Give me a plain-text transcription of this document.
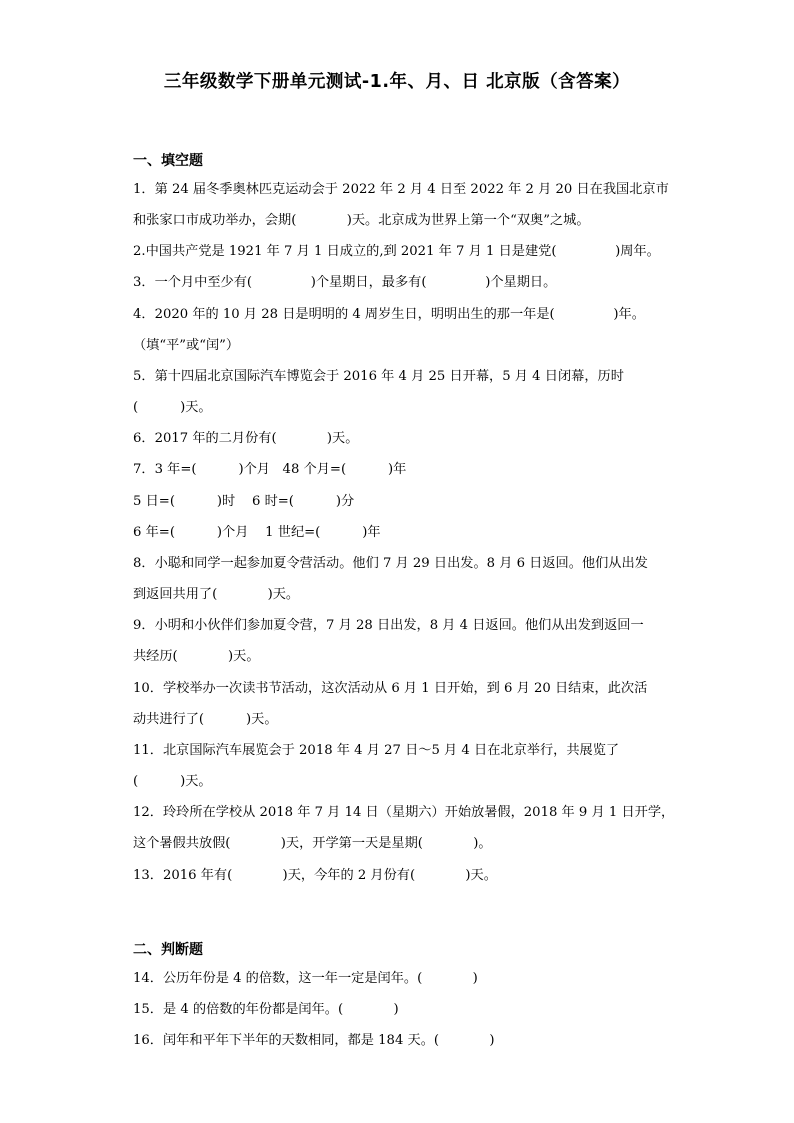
三年级数学下册单元测试-1.年、月、日 北京版（含答案）
一、填空题
1．第 24 届冬季奥林匹克运动会于 2022 年 2 月 4 日至 2022 年 2 月 20 日在我国北京市
和张家口市成功举办，会期(            )天。北京成为世界上第一个“双奥”之城。
2.中国共产党是 1921 年 7 月 1 日成立的,到 2021 年 7 月 1 日是建党(              )周年。
3．一个月中至少有(              )个星期日，最多有(              )个星期日。
4．2020 年的 10 月 28 日是明明的 4 周岁生日，明明出生的那一年是(              )年。
（填“平”或“闰”）
5．第十四届北京国际汽车博览会于 2016 年 4 月 25 日开幕，5 月 4 日闭幕，历时
(          )天。
6．2017 年的二月份有(            )天。
7．3 年=(          )个月   48 个月=(          )年
5 日=(          )时    6 时=(          )分
6 年=(          )个月    1 世纪=(          )年
8．小聪和同学一起参加夏令营活动。他们 7 月 29 日出发。8 月 6 日返回。他们从出发
到返回共用了(            )天。
9．小明和小伙伴们参加夏令营，7 月 28 日出发，8 月 4 日返回。他们从出发到返回一
共经历(            )天。
10．学校举办一次读书节活动，这次活动从 6 月 1 日开始，到 6 月 20 日结束，此次活
动共进行了(          )天。
11．北京国际汽车展览会于 2018 年 4 月 27 日～5 月 4 日在北京举行，共展览了
(          )天。
12．玲玲所在学校从 2018 年 7 月 14 日（星期六）开始放暑假，2018 年 9 月 1 日开学，
这个暑假共放假(            )天，开学第一天是星期(            )。
13．2016 年有(            )天，今年的 2 月份有(            )天。
二、判断题
14．公历年份是 4 的倍数，这一年一定是闰年。(            )
15．是 4 的倍数的年份都是闰年。(            )
16．闰年和平年下半年的天数相同，都是 184 天。(            )
